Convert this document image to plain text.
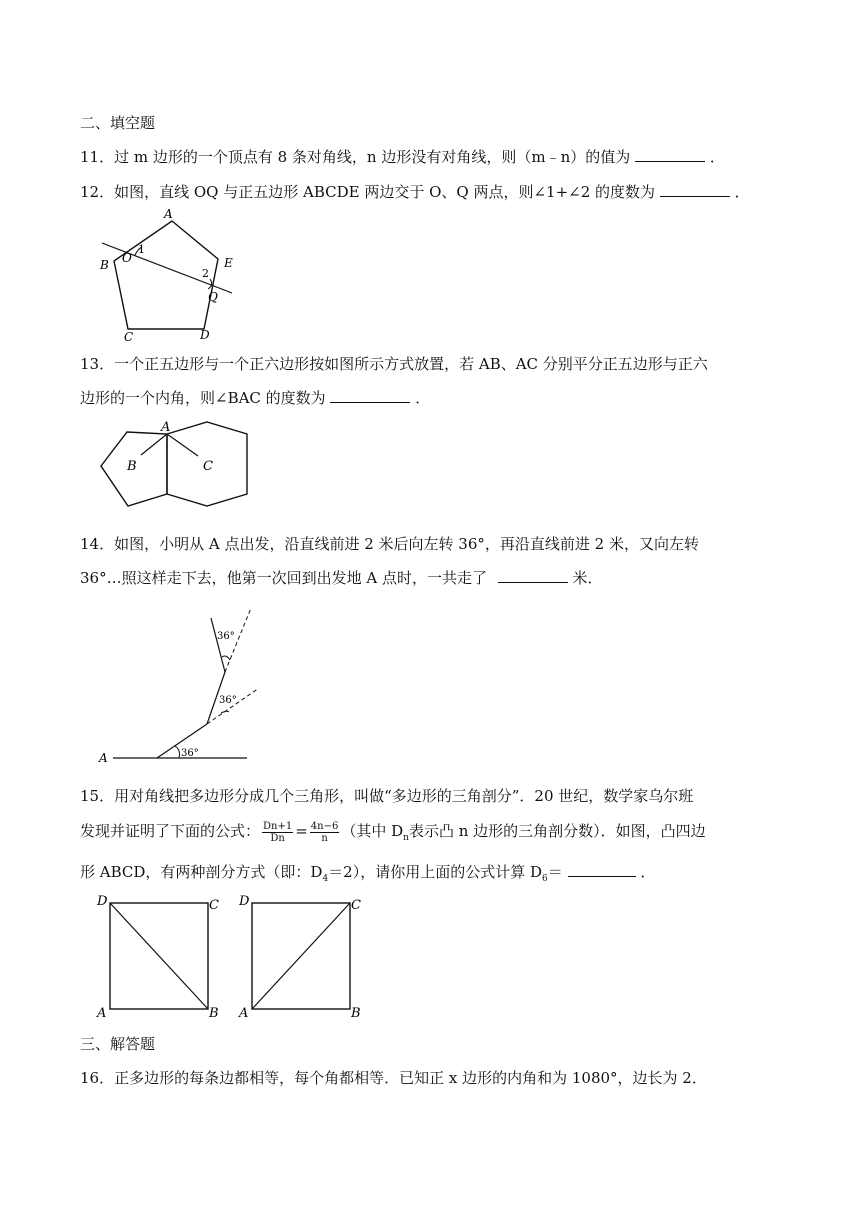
二、填空题
11．过 m 边形的一个顶点有 8 条对角线，n 边形没有对角线，则（m﹣n）的值为	．
12．如图，直线 OQ 与正五边形 ABCDE 两边交于 O、Q 两点，则∠1+∠2 的度数为	．
A
B
C	D
E
O
Q
1
2
13．一个正五边形与一个正六边形按如图所示方式放置，若 AB、AC 分别平分正五边形与正六
边形的一个内角，则∠BAC 的度数为	．
A
B	C
14．如图，小明从 A 点出发，沿直线前进 2 米后向左转 36°，再沿直线前进 2 米，又向左转
36°…照这样走下去，他第一次回到出发地 A 点时，一共走了	米．
A	36°
36°
36°
15．用对角线把多边形分成几个三角形，叫做“多边形的三角剖分”．20 世纪，数学家乌尔班
发现并证明了下面的公式： $\frac{Dn+1}{Dn} = \frac{4n-6}{n}$ （其中 $D_n$表示凸 n 边形的三角剖分数）．如图，凸四边
形 ABCD，有两种剖分方式（即：$D_4=2$），请你用上面的公式计算 $D_6=$	．
D	C
A	B
D	C
A	B
三、解答题
16．正多边形的每条边都相等，每个角都相等．已知正 x 边形的内角和为 1080°，边长为 2．
